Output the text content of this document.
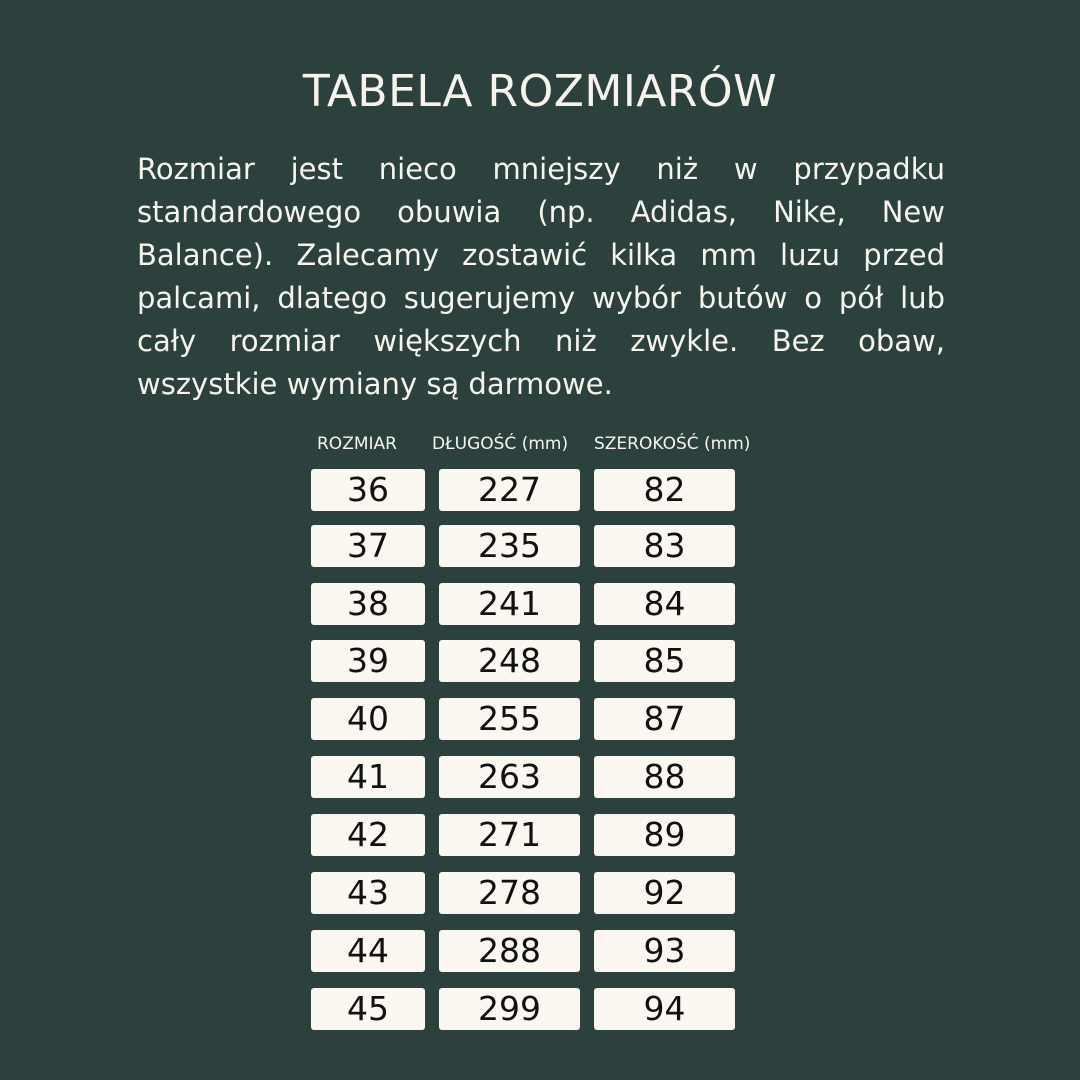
TABELA ROZMIARÓW

Rozmiar jest nieco mniejszy niż w przypadku standardowego obuwia (np. Adidas, Nike, New Balance). Zalecamy zostawić kilka mm luzu przed palcami, dlatego sugerujemy wybór butów o pół lub cały rozmiar większych niż zwykle. Bez obaw, wszystkie wymiany są darmowe.

ROZMIAR DŁUGOŚĆ (mm) SZEROKOŚĆ (mm)
36	227	82
37	235	83
38	241	84
39	248	85
40	255	87
41	263	88
42	271	89
43	278	92
44	288	93
45	299	94
